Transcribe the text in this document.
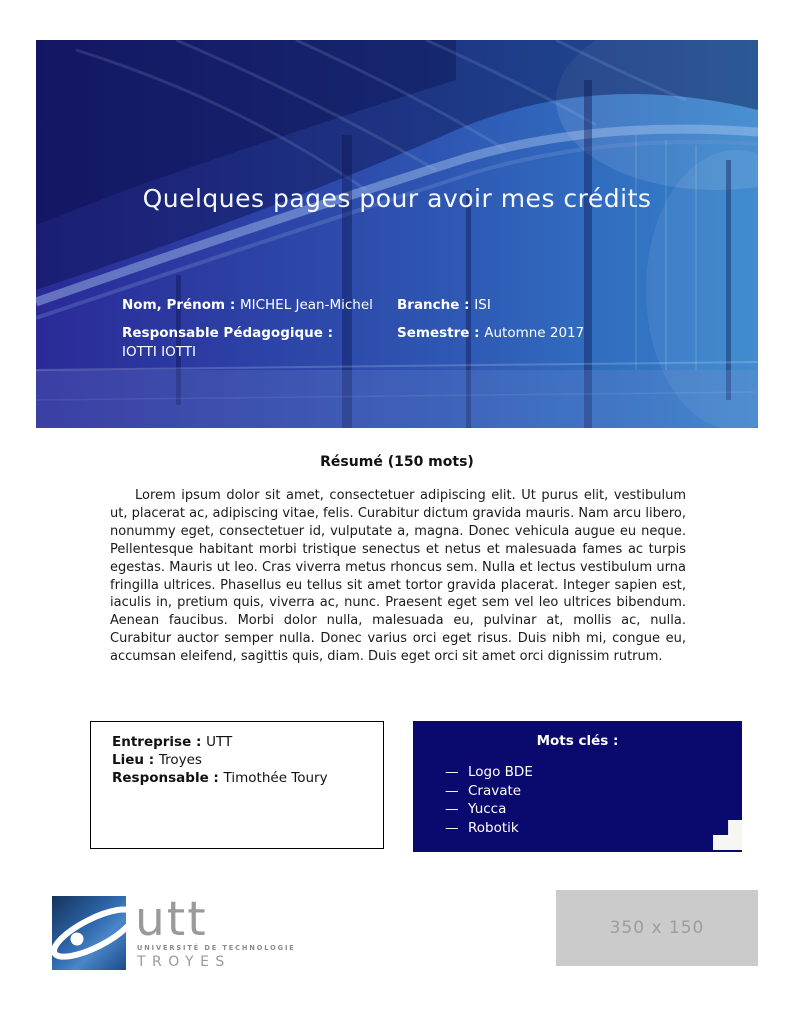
Quelques pages pour avoir mes crédits
Nom, Prénom : MICHEL Jean-Michel
Responsable Pédagogique :
IOTTI IOTTI
Branche : ISI
Semestre : Automne 2017
Résumé (150 mots)
Lorem ipsum dolor sit amet, consectetuer adipiscing elit. Ut purus elit, vestibulum ut, placerat ac, adipiscing vitae, felis. Curabitur dictum gravida mauris. Nam arcu libero, nonummy eget, consectetuer id, vulputate a, magna. Donec vehicula augue eu neque. Pellentesque habitant morbi tristique senectus et netus et malesuada fames ac turpis egestas. Mauris ut leo. Cras viverra metus rhoncus sem. Nulla et lectus vestibulum urna fringilla ultrices. Phasellus eu tellus sit amet tortor gravida placerat. Integer sapien est, iaculis in, pretium quis, viverra ac, nunc. Praesent eget sem vel leo ultrices bibendum. Aenean faucibus. Morbi dolor nulla, malesuada eu, pulvinar at, mollis ac, nulla. Curabitur auctor semper nulla. Donec varius orci eget risus. Duis nibh mi, congue eu, accumsan eleifend, sagittis quis, diam. Duis eget orci sit amet orci dignissim rutrum.
Entreprise : UTT
Lieu : Troyes
Responsable : Timothée Toury
Mots clés :
— Logo BDE
— Cravate
— Yucca
— Robotik
utt
UNIVERSITÉ DE TECHNOLOGIE
TROYES
350 x 150
